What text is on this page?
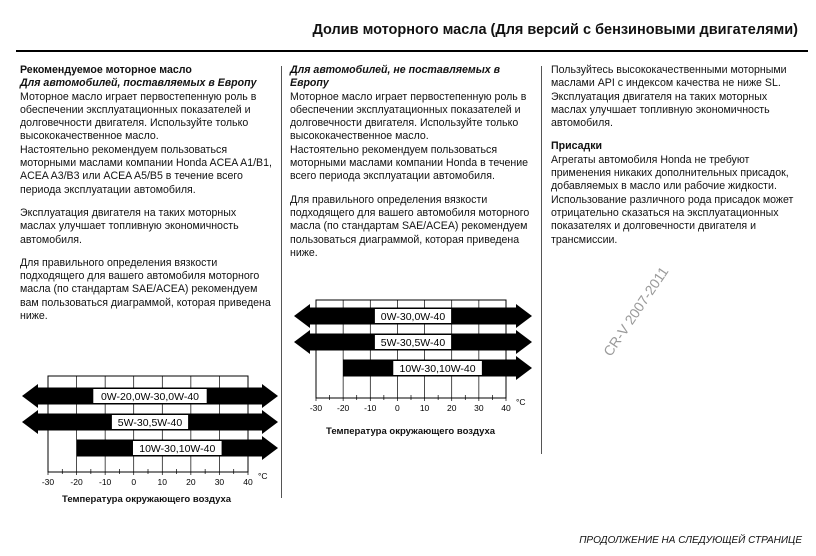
Долив моторного масла (Для версий с бензиновыми двигателями)
Рекомендуемое моторное масло
Для автомобилей, поставляемых в Европу

Моторное масло играет первостепенную роль в обеспечении эксплуатационных показателей и долговечности двигателя. Используйте только высококачественное масло.

Настоятельно рекомендуем пользоваться моторными маслами компании Honda ACEA A1/B1, ACEA A3/B3 или ACEA A5/B5 в течение всего периода эксплуатации автомобиля.

Эксплуатация двигателя на таких моторных маслах улучшает топливную экономичность автомобиля.

Для правильного определения вязкости подходящего для вашего автомобиля моторного масла (по стандартам SAE/ACEA) рекомендуем вам пользоваться диаграммой, которая приведена ниже.

Для автомобилей, не поставляемых в Европу

Моторное масло играет первостепенную роль в обеспечении эксплуатационных показателей и долговечности двигателя. Используйте только высококачественное масло.

Настоятельно рекомендуем пользоваться моторными маслами компании Honda в течение всего периода эксплуатации автомобиля.

Для правильного определения вязкости подходящего для вашего автомобиля моторного масла (по стандартам SAE/ACEA) рекомендуем пользоваться диаграммой, которая приведена ниже.

Пользуйтесь высококачественными моторными маслами API с индексом качества не ниже SL. Эксплуатация двигателя на таких моторных маслах улучшает топливную экономичность автомобиля.

Присадки

Агрегаты автомобиля Honda не требуют применения никаких дополнительных присадок, добавляемых в масло или рабочие жидкости. Использование различного рода присадок может отрицательно сказаться на эксплуатационных показателях и долговечности двигателя и трансмиссии.

-30 -20 -10 0	10 20 30 40
°C
0W-20,0W-30,0W-40
5W-30,5W-40
10W-30,10W-40
Температура окружающего воздуха
-30 -20 -10 0 10 20 30 40
°C
0W-30,0W-40
5W-30,5W-40
10W-30,10W-40
Температура окружающего воздуха
CR-V 2007-2011
ПРОДОЛЖЕНИЕ НА СЛЕДУЮЩЕЙ СТРАНИЦЕ
